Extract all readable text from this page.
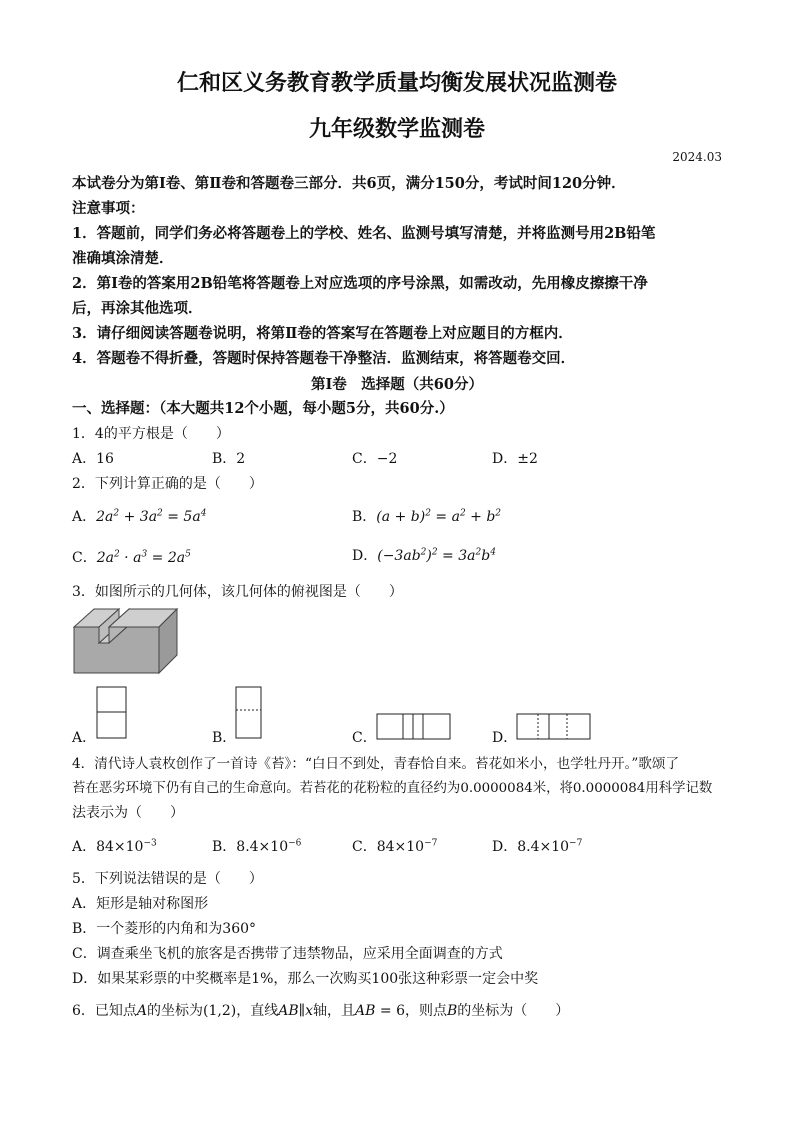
仁和区义务教育教学质量均衡发展状况监测卷
九年级数学监测卷
2024.03
本试卷分为第Ⅰ卷、第Ⅱ卷和答题卷三部分．共6页，满分150分，考试时间120分钟．
注意事项：
1．答题前，同学们务必将答题卷上的学校、姓名、监测号填写清楚，并将监测号用2B铅笔
准确填涂清楚．
2．第Ⅰ卷的答案用2B铅笔将答题卷上对应选项的序号涂黑，如需改动，先用橡皮擦擦干净
后，再涂其他选项．
3．请仔细阅读答题卷说明，将第Ⅱ卷的答案写在答题卷上对应题目的方框内．
4．答题卷不得折叠，答题时保持答题卷干净整洁．监测结束，将答题卷交回．
第Ⅰ卷　选择题（共60分）
一、选择题：（本大题共12个小题，每小题5分，共60分.）
1．4的平方根是（　　）
A．16	B．2	C．−2	D．±2
2．下列计算正确的是（　　）
A．$2a^2 + 3a^2 = 5a^4$	B．$(a + b)^2 = a^2 + b^2$
C．$2a^2 \cdot a^3 = 2a^5$	D．$(-3ab^2)^2 = 3a^2b^4$
3．如图所示的几何体，该几何体的俯视图是（　　）
A．	B．	C．	D．
4．清代诗人袁枚创作了一首诗《苔》：“白日不到处，青春恰自来。苔花如米小，也学牡丹开。”歌颂了
苔在恶劣环境下仍有自己的生命意向。若苔花的花粉粒的直径约为0.0000084米，将0.0000084用科学记数
法表示为（　　）
A．$84\times 10^{-3}$	B．$8.4\times 10^{-6}$	C．$84\times 10^{-7}$	D．$8.4\times 10^{-7}$
5．下列说法错误的是（　　）
A．矩形是轴对称图形
B．一个菱形的内角和为360°
C．调查乘坐飞机的旅客是否携带了违禁物品，应采用全面调查的方式
D．如果某彩票的中奖概率是1%，那么一次购买100张这种彩票一定会中奖
6．已知点A的坐标为(1,2)，直线AB∥x轴，且AB = 6，则点B的坐标为（　　）
